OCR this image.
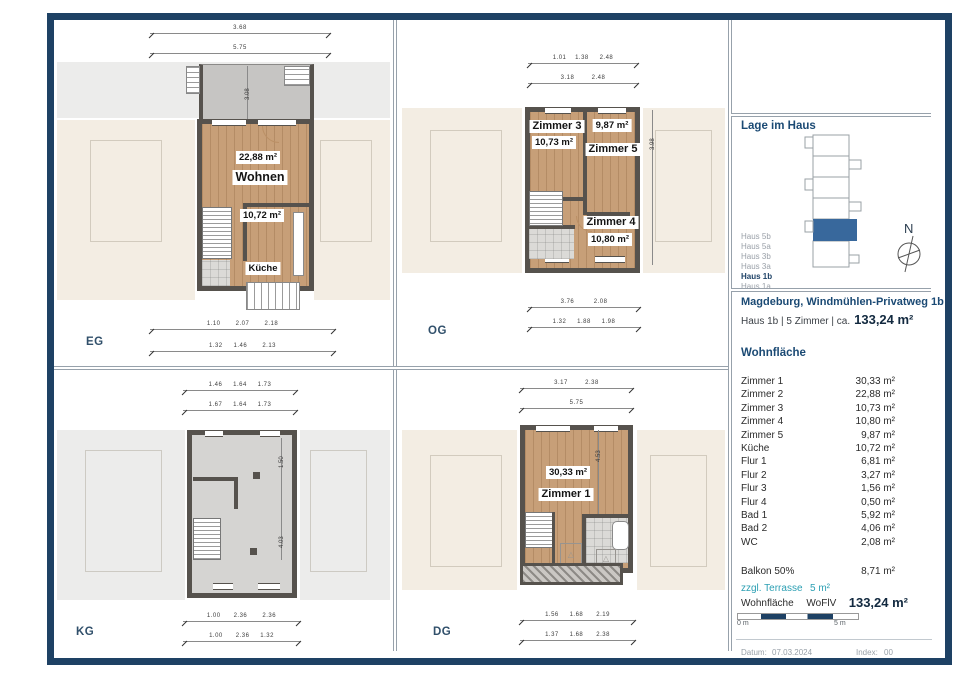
3.68
5.75
3.08
22,88 m²
Wohnen
10,72 m²
Küche
1.10       2.07       2.18
1.32     1.46       2.13
EG
1.01    1.38     2.48
3.18        2.48
Zimmer 3
10,73 m²
9,87 m²
Zimmer 5
Zimmer 4
10,80 m²
3.98
3.76         2.08
1.32     1.88     1.98
OG
1.46     1.64     1.73
1.67     1.64     1.73
1.50
4.03
1.00      2.36       2.36
1.00      2.36     1.32
KG
3.17        2.38
5.75
30,33 m²
Zimmer 1
4.53
△	△
1.56     1.68      2.19
1.37     1.68      2.38
DG
Lage im Haus
Haus 5b
Haus 5a
Haus 3b
Haus 3a
Haus 1b
Haus 1a
N
Magdeburg, Windmühlen-Privatweg 1b
Haus 1b | 5 Zimmer | ca. 133,24 m²
Wohnfläche
Zimmer 1	30,33 m²
Zimmer 2	22,88 m²
Zimmer 3	10,73 m²
Zimmer 4	10,80 m²
Zimmer 5	9,87 m²
Küche	10,72 m²
Flur 1	6,81 m²
Flur 2	3,27 m²
Flur 3	1,56 m²
Flur 4	0,50 m²
Bad 1	5,92 m²
Bad 2	4,06 m²
WC	2,08 m²
Balkon 50%	8,71 m²
zzgl. Terrasse 5 m²
Wohnfläche WoFlV 133,24 m²
0 m	5 m
Datum: 07.03.2024	Index: 00
